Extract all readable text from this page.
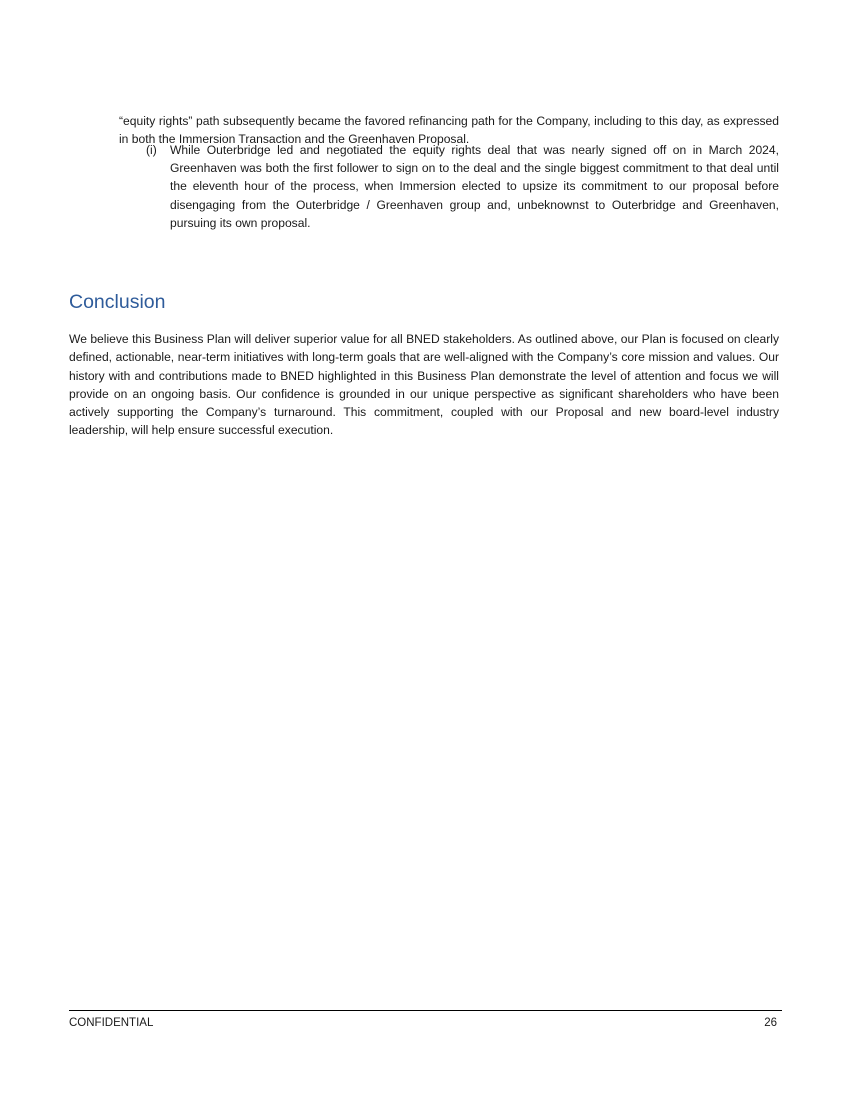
“equity rights” path subsequently became the favored refinancing path for the Company, including to this day, as expressed in both the Immersion Transaction and the Greenhaven Proposal.

(i)	While Outerbridge led and negotiated the equity rights deal that was nearly signed off on in March 2024, Greenhaven was both the first follower to sign on to the deal and the single biggest commitment to that deal until the eleventh hour of the process, when Immersion elected to upsize its commitment to our proposal before disengaging from the Outerbridge / Greenhaven group and, unbeknownst to Outerbridge and Greenhaven, pursuing its own proposal.
Conclusion

We believe this Business Plan will deliver superior value for all BNED stakeholders. As outlined above, our Plan is focused on clearly defined, actionable, near-term initiatives with long-term goals that are well-aligned with the Company’s core mission and values. Our history with and contributions made to BNED highlighted in this Business Plan demonstrate the level of attention and focus we will provide on an ongoing basis. Our confidence is grounded in our unique perspective as significant shareholders who have been actively supporting the Company’s turnaround. This commitment, coupled with our Proposal and new board-level industry leadership, will help ensure successful execution.

CONFIDENTIAL	26
